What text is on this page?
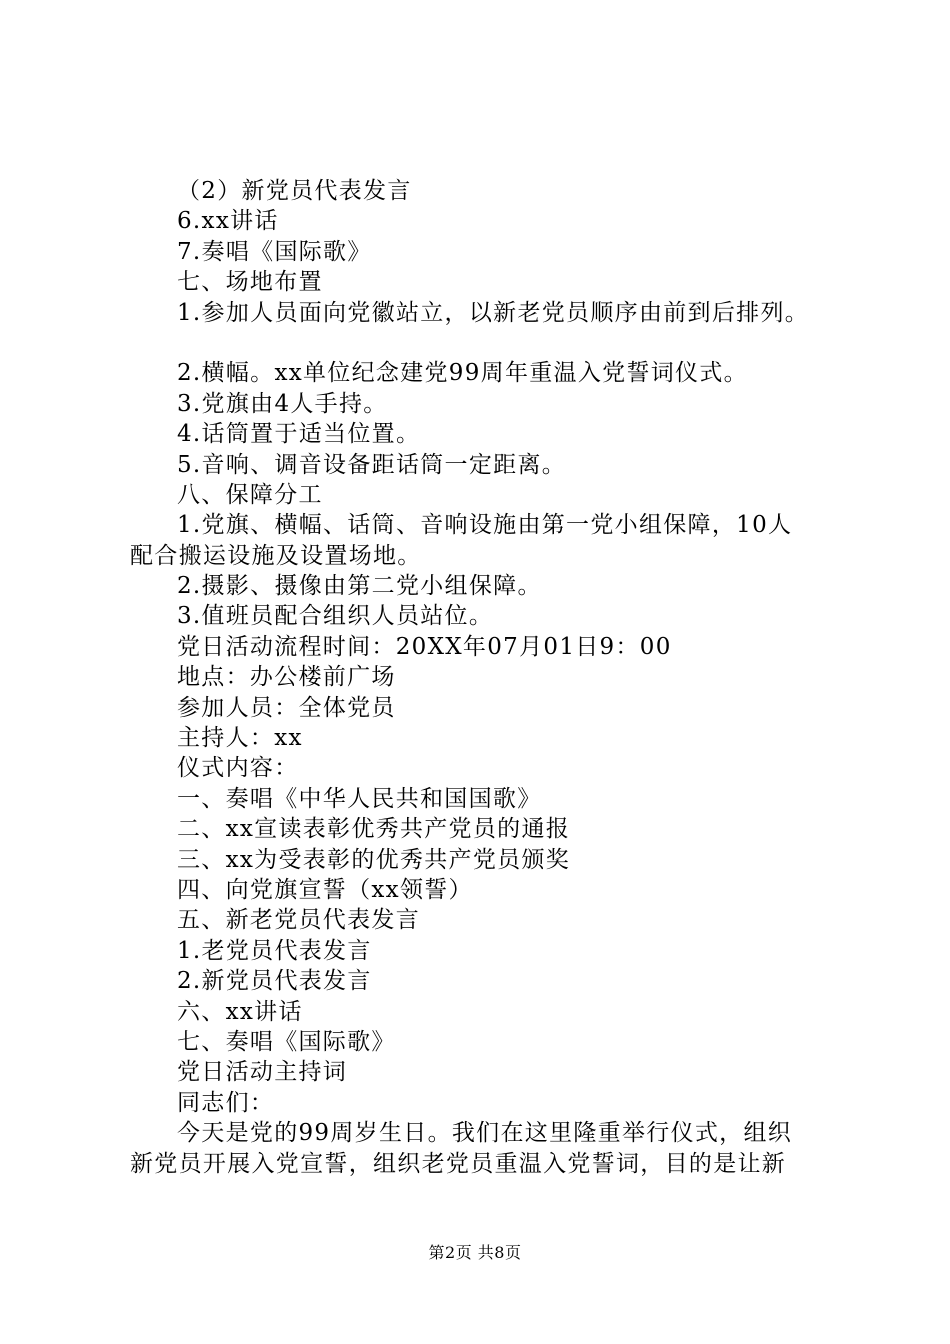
（2）新党员代表发言
6.xx讲话
7.奏唱《国际歌》
七、场地布置
1.参加人员面向党徽站立，以新老党员顺序由前到后排列。
2.横幅。xx单位纪念建党99周年重温入党誓词仪式。
3.党旗由4人手持。
4.话筒置于适当位置。
5.音响、调音设备距话筒一定距离。
八、保障分工
1.党旗、横幅、话筒、音响设施由第一党小组保障，10人
配合搬运设施及设置场地。
2.摄影、摄像由第二党小组保障。
3.值班员配合组织人员站位。
党日活动流程时间：20XX年07月01日9：00
地点：办公楼前广场
参加人员：全体党员
主持人：xx
仪式内容：
一、奏唱《中华人民共和国国歌》
二、xx宣读表彰优秀共产党员的通报
三、xx为受表彰的优秀共产党员颁奖
四、向党旗宣誓（xx领誓）
五、新老党员代表发言
1.老党员代表发言
2.新党员代表发言
六、xx讲话
七、奏唱《国际歌》
党日活动主持词
同志们：
今天是党的99周岁生日。我们在这里隆重举行仪式，组织
新党员开展入党宣誓，组织老党员重温入党誓词，目的是让新
第2页 共8页
